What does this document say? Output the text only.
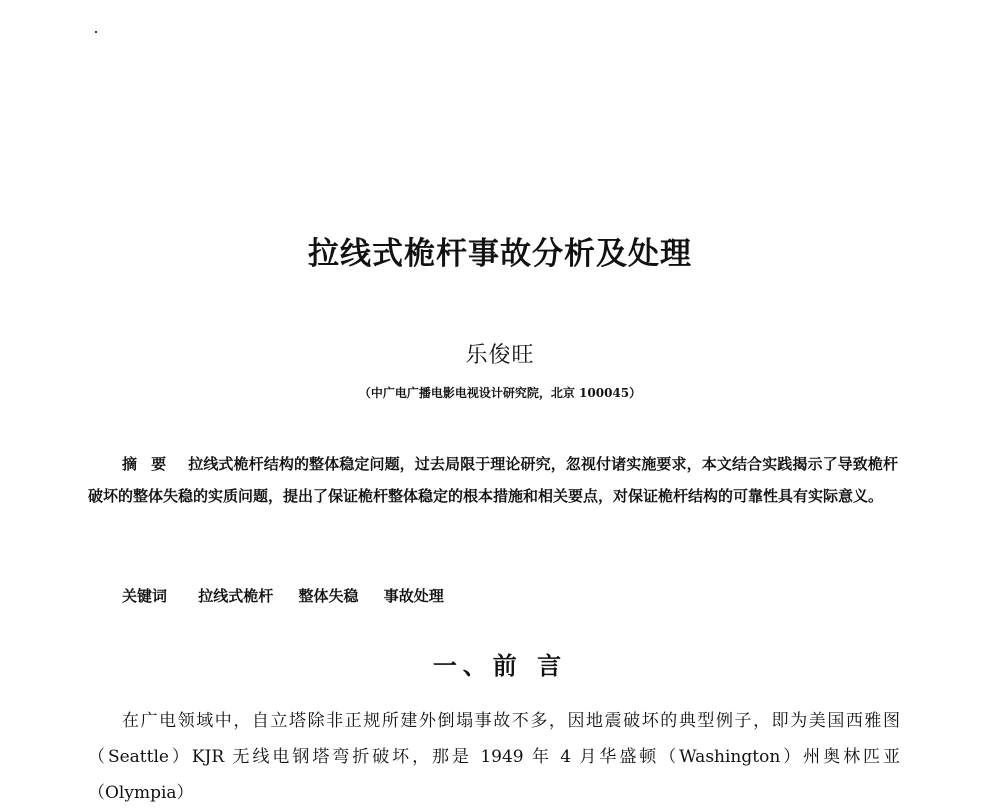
拉线式桅杆事故分析及处理
乐俊旺
（中广电广播电影电视设计研究院，北京 100045）
摘要 拉线式桅杆结构的整体稳定问题，过去局限于理论研究，忽视付诸实施要求，本文结合实践揭示了导致桅杆破坏的整体失稳的实质问题，提出了保证桅杆整体稳定的根本措施和相关要点，对保证桅杆结构的可靠性具有实际意义。
关键词 拉线式桅杆 整体失稳 事故处理
一、前 言

在广电领域中，自立塔除非正规所建外倒塌事故不多，因地震破坏的典型例子，即为美国西雅图（Seattle）KJR 无线电钢塔弯折破坏，那是 1949 年 4 月华盛顿（Washington）州奥林匹亚（Olympia）
